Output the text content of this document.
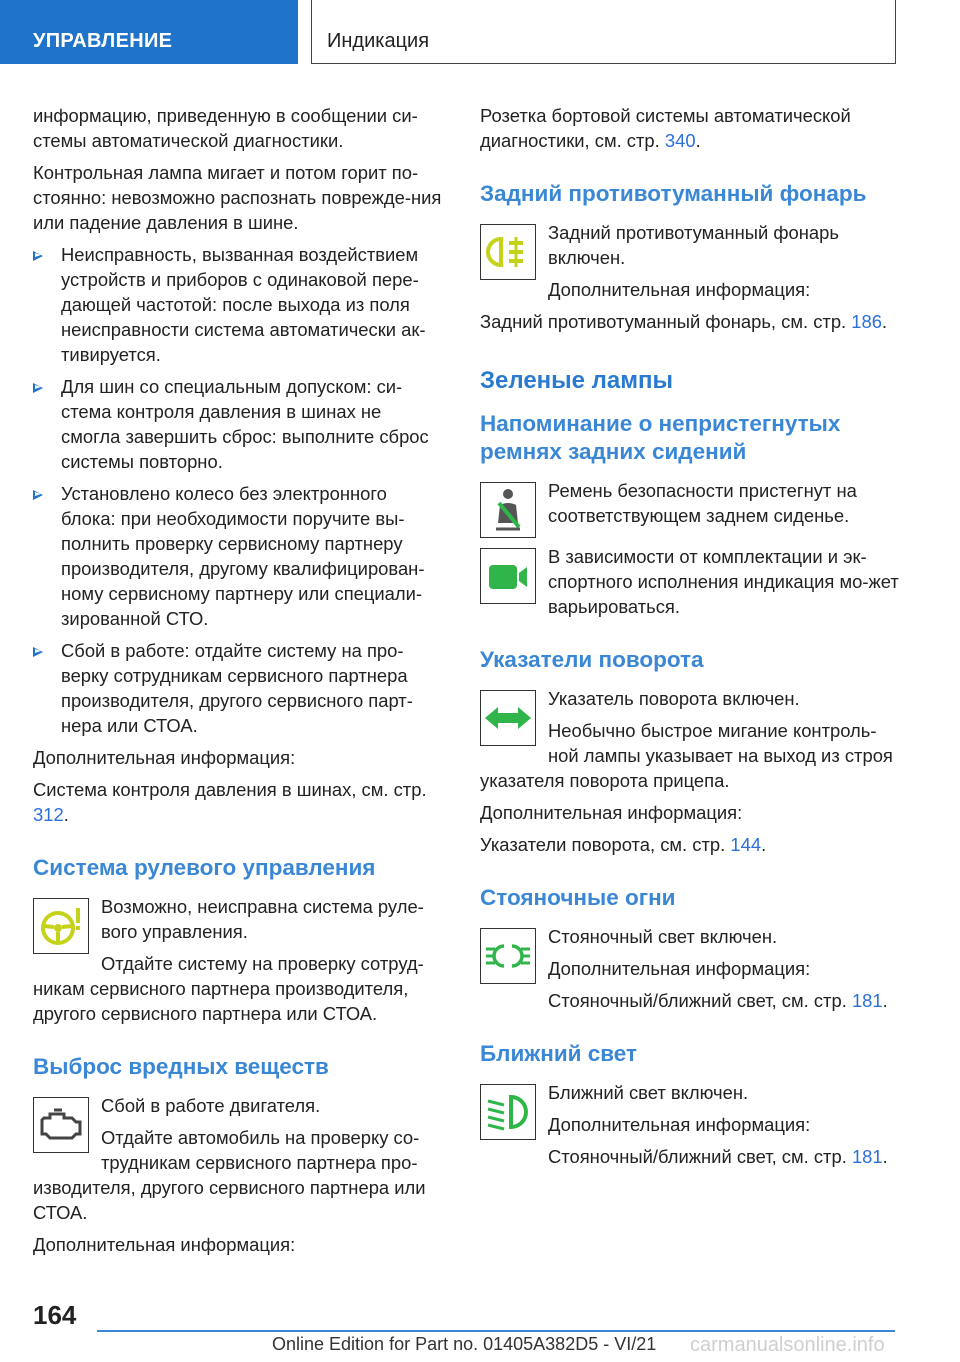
УПРАВЛЕНИЕ	Индикация

информацию, приведенную в сообщении си-стемы автоматической диагностики.

Контрольная лампа мигает и потом горит по-стоянно: невозможно распознать поврежде-ния или падение давления в шине.

Неисправность, вызванная воздействием устройств и приборов с одинаковой пере-дающей частотой: после выхода из поля неисправности система автоматически ак-тивируется.
Для шин со специальным допуском: си-стема контроля давления в шинах не смогла завершить сброс: выполните сброс системы повторно.
Установлено колесо без электронного блока: при необходимости поручите вы-полнить проверку сервисному партнеру производителя, другому квалифицирован-ному сервисному партнеру или специали-зированной СТО.
Сбой в работе: отдайте систему на про-верку сотрудникам сервисного партнера производителя, другого сервисного парт-нера или СТОА.

Дополнительная информация:

Система контроля давления в шинах, см. стр. 312.

Система рулевого управления

Возможно, неисправна система руле-вого управления.

Отдайте систему на проверку сотруд-никам сервисного партнера производителя, другого сервисного партнера или СТОА.

Выброс вредных веществ

Сбой в работе двигателя.

Отдайте автомобиль на проверку со-трудникам сервисного партнера про-изводителя, другого сервисного партнера или СТОА.

Дополнительная информация:

Розетка бортовой системы автоматической диагностики, см. стр. 340.

Задний противотуманный фонарь

Задний противотуманный фонарь включен.

Дополнительная информация:

Задний противотуманный фонарь, см. стр. 186.

Зеленые лампы
Напоминание о непристегнутых ремнях задних сидений

Ремень безопасности пристегнут на соответствующем заднем сиденье.

В зависимости от комплектации и эк-спортного исполнения индикация мо-жет варьироваться.

Указатели поворота

Указатель поворота включен.

Необычно быстрое мигание контроль-ной лампы указывает на выход из строя указателя поворота прицепа.

Дополнительная информация:

Указатели поворота, см. стр. 144.

Стояночные огни

Стояночный свет включен.

Дополнительная информация:

Стояночный/ближний свет, см. стр. 181.

Ближний свет

Ближний свет включен.

Дополнительная информация:

Стояночный/ближний свет, см. стр. 181.

164
Online Edition for Part no. 01405A382D5 - VI/21 carmanualsonline.info
